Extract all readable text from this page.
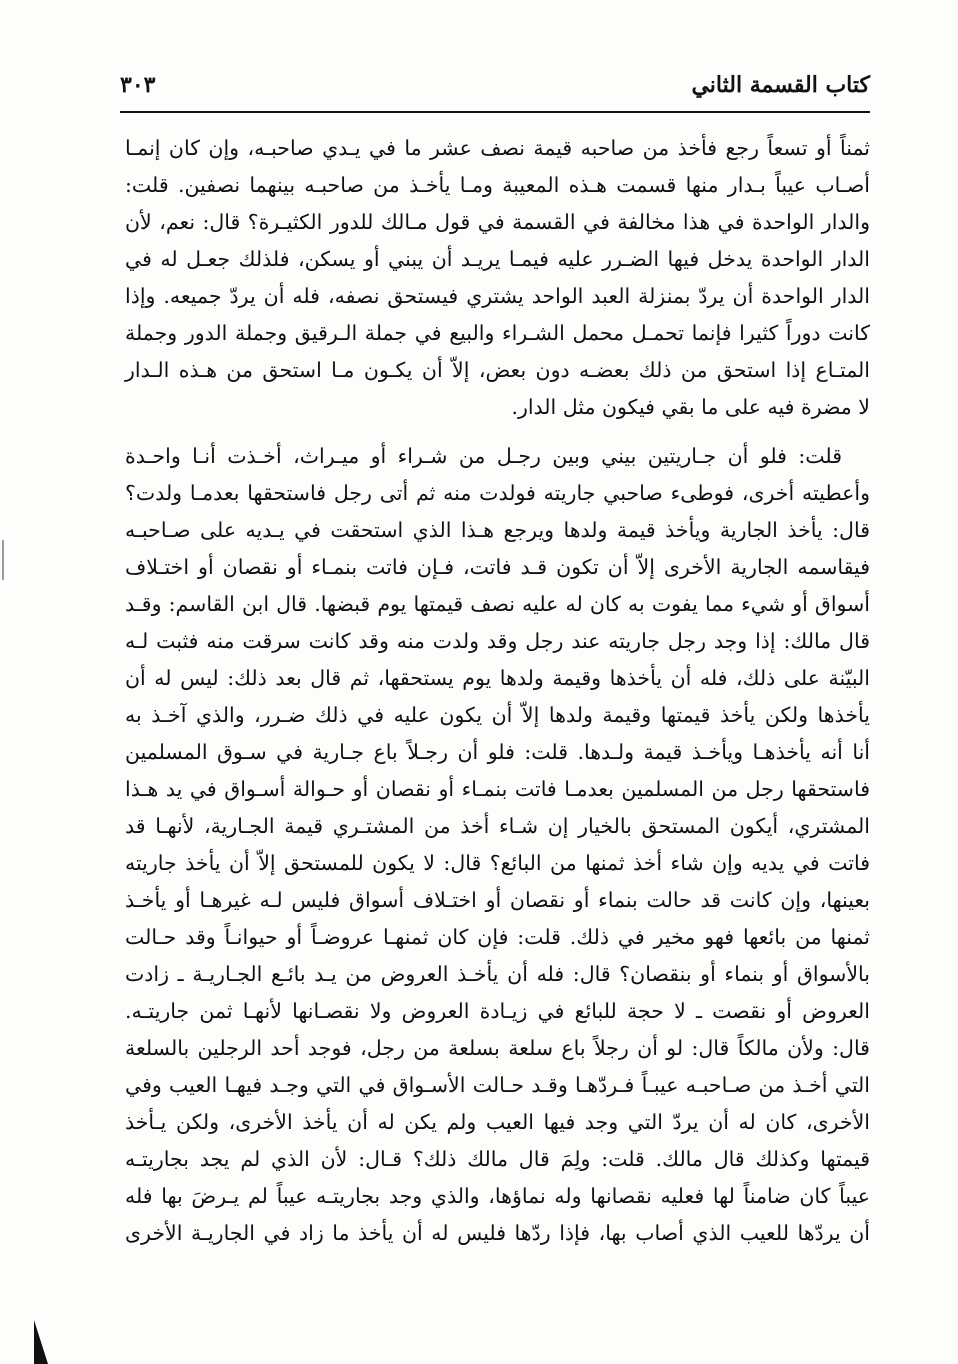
كتاب القسمة الثاني
٣٠٣
ثمناً أو تسعاً رجع فأخذ من صاحبه قيمة نصف عشر ما في يـدي صاحبـه، وإن كان إنمـا
أصـاب عيباً بـدار منها قسمت هـذه المعيبة ومـا يأخـذ من صاحبـه بينهما نصفين. قلت:
والدار الواحدة في هذا مخالفة في القسمة في قول مـالك للدور الكثيـرة؟ قال: نعم، لأن
الدار الواحدة يدخل فيها الضـرر عليه فيمـا يريـد أن يبني أو يسكن، فلذلك جعـل له في
الدار الواحدة أن يردّ بمنزلة العبد الواحد يشتري فيستحق نصفه، فله أن يردّ جميعه. وإذا
كانت دوراً كثيرا فإنما تحمـل محمل الشـراء والبيع في جملة الـرقيق وجملة الدور وجملة
المتـاع إذا استحق من ذلك بعضـه دون بعض، إلاّ أن يكـون مـا استحق من هـذه الـدار
لا مضرة فيه على ما بقي فيكون مثل الدار.
قلت: فلو أن جـاريتين بيني وبين رجـل من شـراء أو ميـراث، أخـذت أنـا واحـدة
وأعطيته أخرى، فوطىء صاحبي جاريته فولدت منه ثم أتى رجل فاستحقها بعدمـا ولدت؟
قال: يأخذ الجارية ويأخذ قيمة ولدها ويرجع هـذا الذي استحقت في يـديه على صـاحبـه
فيقاسمه الجارية الأخرى إلاّ أن تكون قـد فاتت، فـإن فاتت بنمـاء أو نقصان أو اختـلاف
أسواق أو شيء مما يفوت به كان له عليه نصف قيمتها يوم قبضها. قال ابن القاسم: وقـد
قال مالك: إذا وجد رجل جاريته عند رجل وقد ولدت منه وقد كانت سرقت منه فثبت لـه
البيّنة على ذلك، فله أن يأخذها وقيمة ولدها يوم يستحقها، ثم قال بعد ذلك: ليس له أن
يأخذها ولكن يأخذ قيمتها وقيمة ولدها إلاّ أن يكون عليه في ذلك ضـرر، والذي آخـذ به
أنا أنه يأخذهـا ويأخـذ قيمة ولـدها. قلت: فلو أن رجـلاً باع جـارية في سـوق المسلمين
فاستحقها رجل من المسلمين بعدمـا فاتت بنمـاء أو نقصان أو حـوالة أسـواق في يد هـذا
المشتري، أيكون المستحق بالخيار إن شـاء أخذ من المشتـري قيمة الجـارية، لأنهـا قد
فاتت في يديه وإن شاء أخذ ثمنها من البائع؟ قال: لا يكون للمستحق إلاّ أن يأخذ جاريته
بعينها، وإن كانت قد حالت بنماء أو نقصان أو اختـلاف أسواق فليس لـه غيرهـا أو يأخـذ
ثمنها من بائعها فهو مخير في ذلك. قلت: فإن كان ثمنهـا عروضـاً أو حيوانـاً وقد حـالت
بالأسواق أو بنماء أو بنقصان؟ قال: فله أن يأخـذ العروض من يـد بائـع الجـاريـة ـ زادت
العروض أو نقصت ـ لا حجة للبائع في زيـادة العروض ولا نقصـانها لأنهـا ثمن جاريتـه.
قال: ولأن مالكاً قال: لو أن رجلاً باع سلعة بسلعة من رجل، فوجد أحد الرجلين بالسلعة
التي أخـذ من صـاحبـه عيبـاً فـردّهـا وقـد حـالت الأسـواق في التي وجـد فيهـا العيب وفي
الأخرى، كان له أن يردّ التي وجد فيها العيب ولم يكن له أن يأخذ الأخرى، ولكن يـأخذ
قيمتها وكذلك قال مالك. قلت: ولِمَ قال مالك ذلك؟ قـال: لأن الذي لم يجد بجاريتـه
عيباً كان ضامناً لها فعليه نقصانها وله نماؤها، والذي وجد بجاريتـه عيباً لم يـرضَ بها فله
أن يردّها للعيب الذي أصاب بها، فإذا ردّها فليس له أن يأخذ ما زاد في الجاريـة الأخرى
